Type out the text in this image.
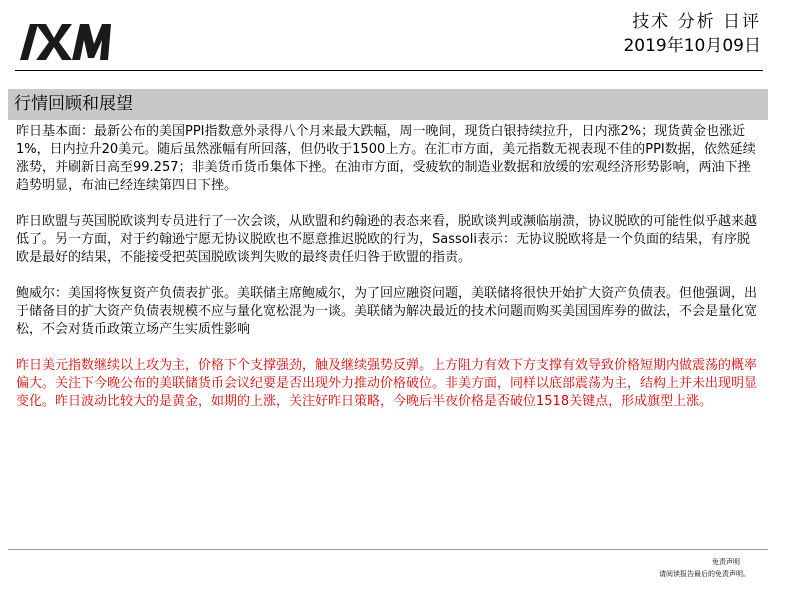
技术 分析 日评
2019年10月09日
行情回顾和展望

昨日基本面：最新公布的美国PPI指数意外录得八个月来最大跌幅，周一晚间，现货白银持续拉升，日内涨2%；现货黄金也涨近1%，日内拉升20美元。随后虽然涨幅有所回落，但仍收于1500上方。在汇市方面，美元指数无视表现不佳的PPI数据，依然延续涨势，并刷新日高至99.257；非美货币货币集体下挫。在油市方面，受疲软的制造业数据和放缓的宏观经济形势影响，两油下挫趋势明显，布油已经连续第四日下挫。

昨日欧盟与英国脱欧谈判专员进行了一次会谈，从欧盟和约翰逊的表态来看，脱欧谈判或濒临崩溃，协议脱欧的可能性似乎越来越低了。另一方面，对于约翰逊宁愿无协议脱欧也不愿意推迟脱欧的行为，Sassoli表示：无协议脱欧将是一个负面的结果，有序脱欧是最好的结果，不能接受把英国脱欧谈判失败的最终责任归咎于欧盟的指责。

鲍威尔：美国将恢复资产负债表扩张。美联储主席鲍威尔，为了回应融资问题，美联储将很快开始扩大资产负债表。但他强调，出于储备目的扩大资产负债表规模不应与量化宽松混为一谈。美联储为解决最近的技术问题而购买美国国库券的做法，不会是量化宽松，不会对货币政策立场产生实质性影响

昨日美元指数继续以上攻为主，价格下个支撑强劲，触及继续强势反弹。上方阻力有效下方支撑有效导致价格短期内做震荡的概率偏大。关注下今晚公布的美联储货币会议纪要是否出现外力推动价格破位。非美方面，同样以底部震荡为主，结构上并未出现明显变化。昨日波动比较大的是黄金，如期的上涨，关注好昨日策略，今晚后半夜价格是否破位1518关键点，形成旗型上涨。

免责声明
请阅读报告最后的免责声明。
